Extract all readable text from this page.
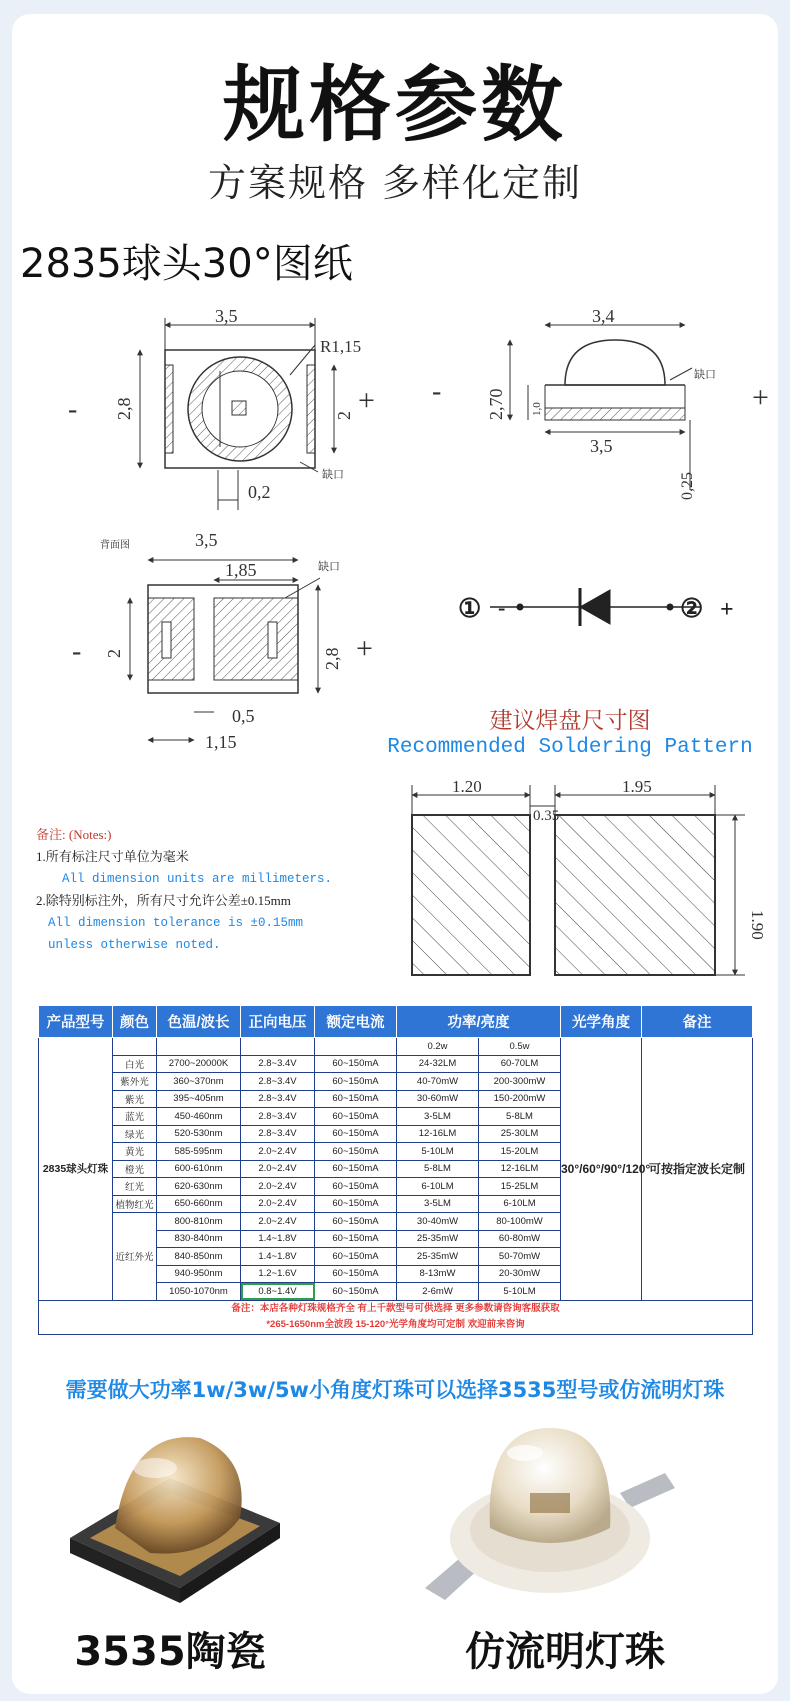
规格参数
方案规格 多样化定制
2835球头30°图纸
3,5
R1,15
2,8	2
0,2
缺口
-	+
3,4
3,5
2,70 1,0
0,25
缺口
-	+
背面图	3,5
1,85
2,8
2
0,5
1,15
缺口
-	+
① -	② +
建议焊盘尺寸图
Recommended Soldering Pattern
1.20	1.95
0.35
1.90
备注: (Notes:)
1.所有标注尺寸单位为毫米
All dimension units are millimeters.
2.除特别标注外，所有尺寸允许公差±0.15mm
All dimension tolerance is ±0.15mm
unless otherwise noted.
产品型号	颜色	色温/波长	正向电压	额定电流	功率/亮度		光学角度	备注
2835球头灯珠					0.2w	0.5w	30°/60°/90°/120°	可按指定波长定制
	白光	2700~20000K	2.8~3.4V	60~150mA	24-32LM	60-70LM		
	紫外光	360~370nm	2.8~3.4V	60~150mA	40-70mW	200-300mW		
	紫光	395~405nm	2.8~3.4V	60~150mA	30-60mW	150-200mW		
	蓝光	450-460nm	2.8~3.4V	60~150mA	3-5LM	5-8LM		
	绿光	520-530nm	2.8~3.4V	60~150mA	12-16LM	25-30LM		
	黄光	585-595nm	2.0~2.4V	60~150mA	5-10LM	15-20LM		
	橙光	600-610nm	2.0~2.4V	60~150mA	5-8LM	12-16LM		
	红光	620-630nm	2.0~2.4V	60~150mA	6-10LM	15-25LM		
	植物红光	650-660nm	2.0~2.4V	60~150mA	3-5LM	6-10LM		
	近红外光	800-810nm	2.0~2.4V	60~150mA	30-40mW	80-100mW		
		830-840nm	1.4~1.8V	60~150mA	25-35mW	60-80mW		
		840-850nm	1.4~1.8V	60~150mA	25-35mW	50-70mW		
		940-950nm	1.2~1.6V	60~150mA	8-13mW	20-30mW		
		1050-1070nm	0.8~1.4V	60~150mA	2-6mW	5-10LM		

备注：本店各种灯珠规格齐全 有上千款型号可供选择 更多参数请咨询客服获取
*265-1650nm全波段 15-120°光学角度均可定制 欢迎前来咨询								
需要做大功率1w/3w/5w小角度灯珠可以选择3535型号或仿流明灯珠
3535陶瓷	仿流明灯珠
